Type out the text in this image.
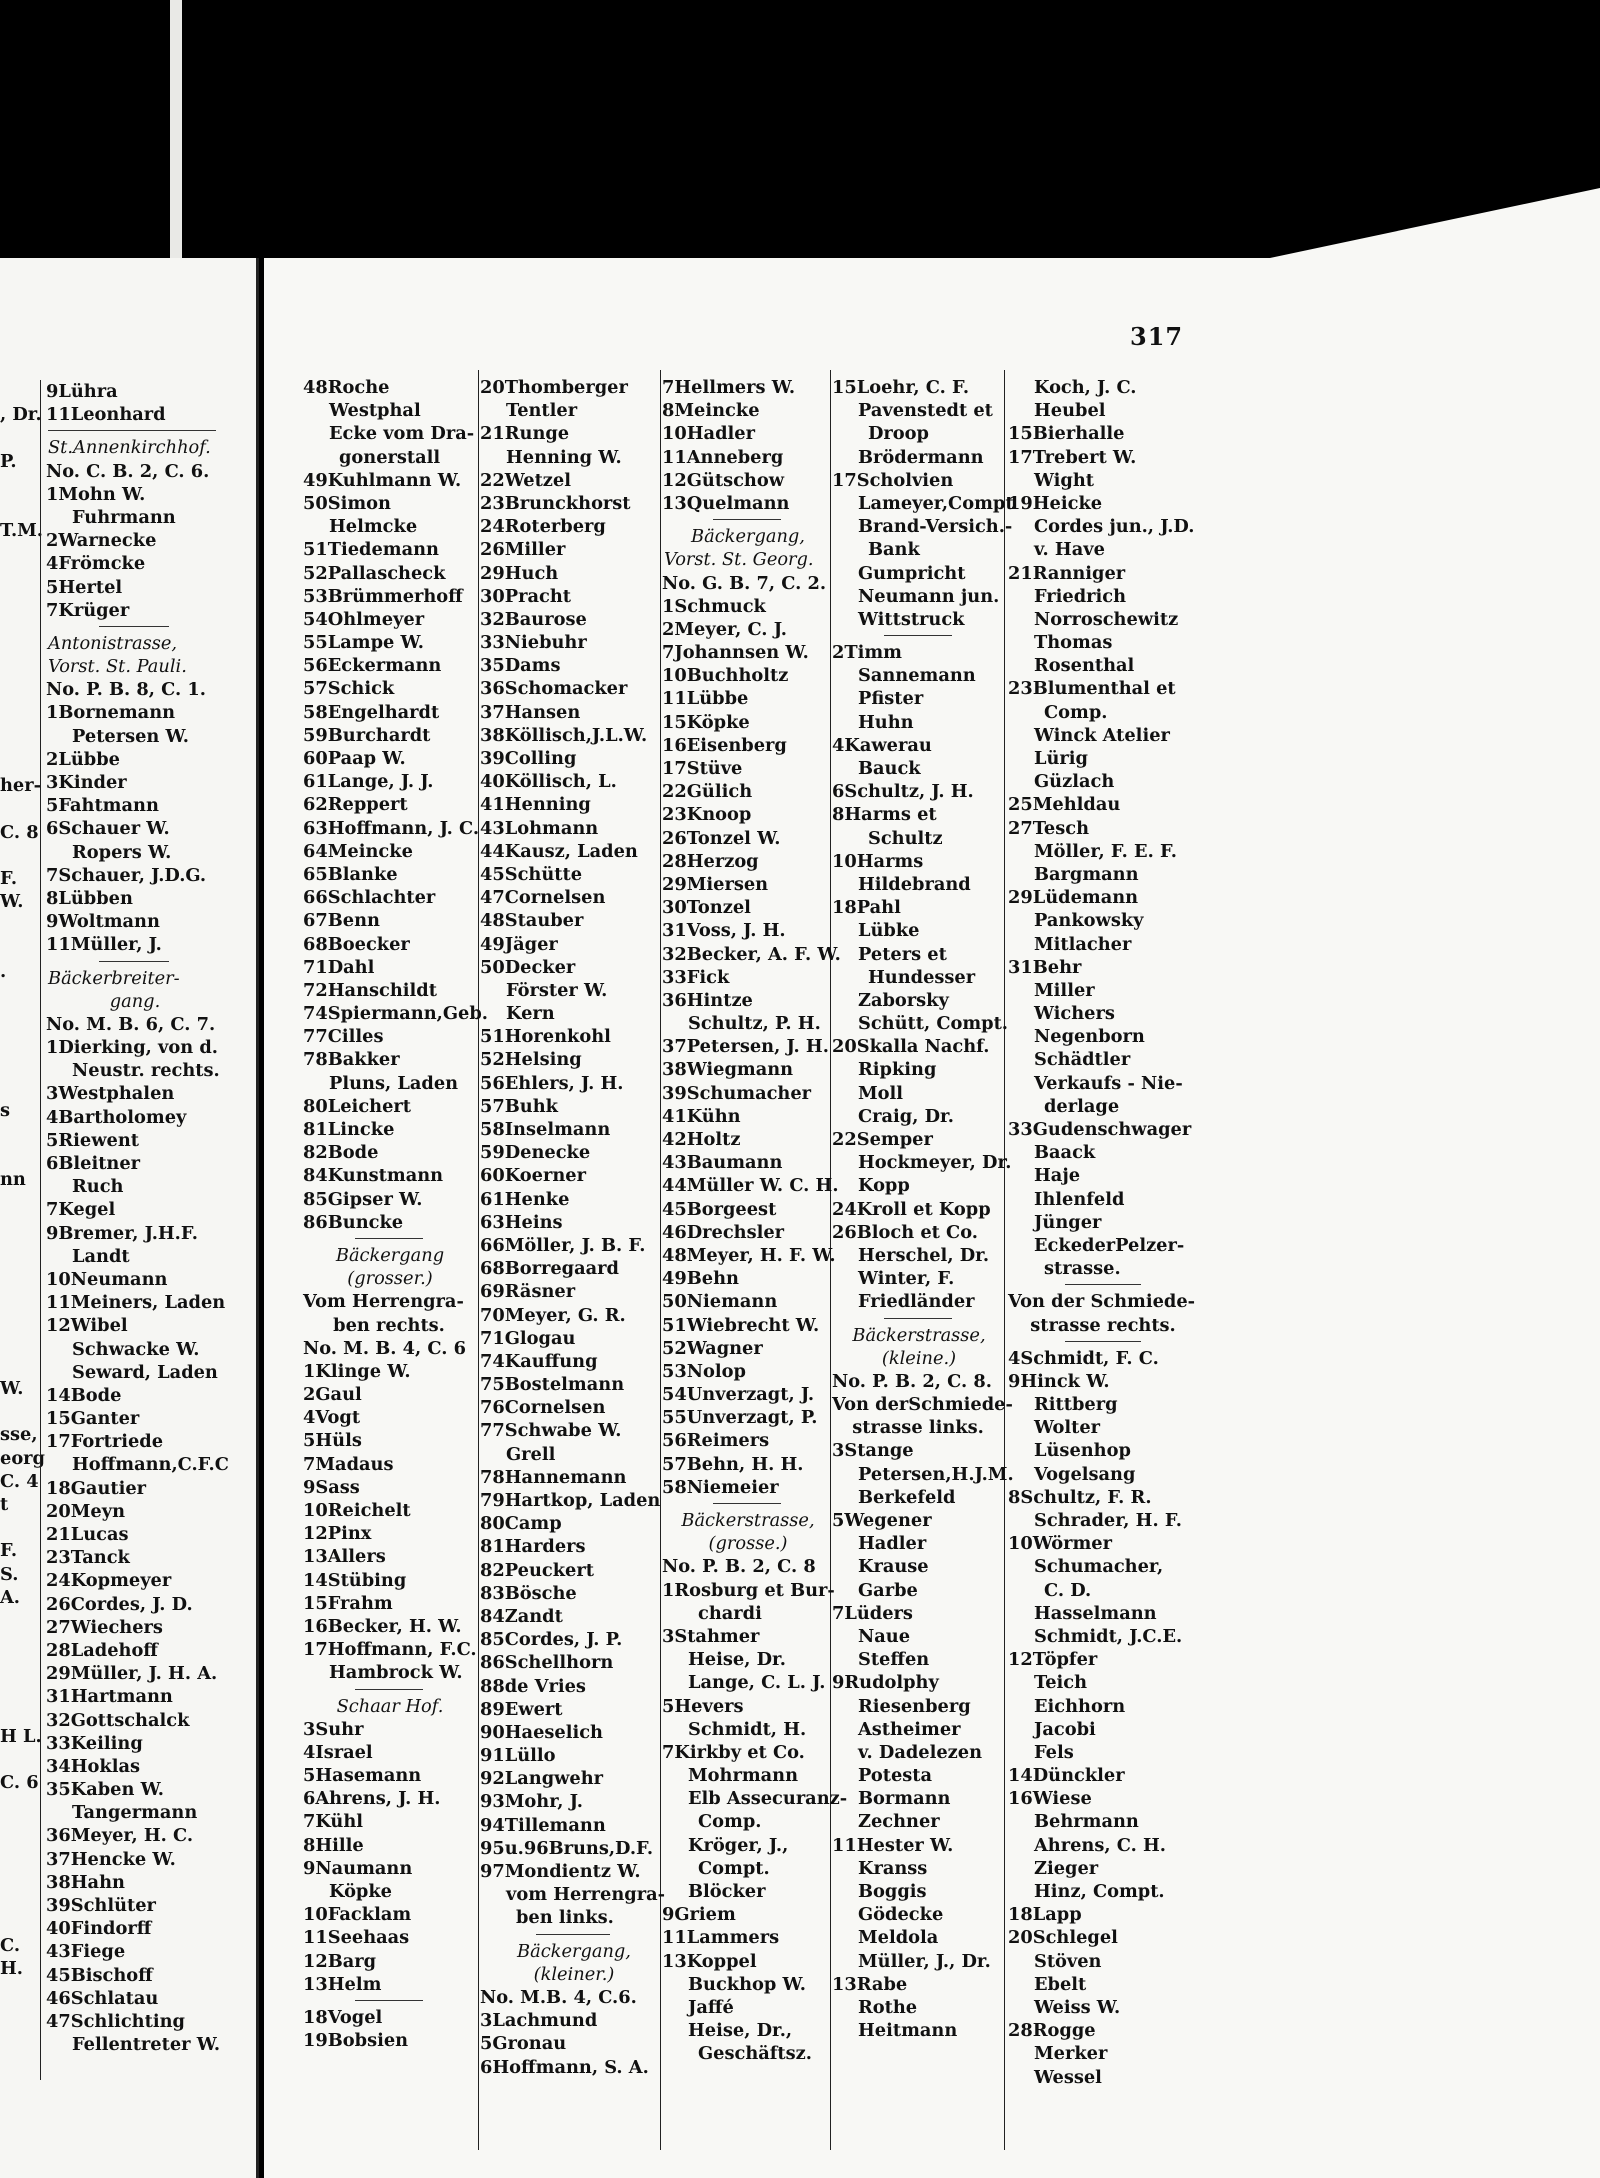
317
, Dr.
P.
T.M.
her-
C. 8
F.
W.
.
s
nn
W.
sse,
eorg
C. 4
t
F.
S.
A.
H L.
C. 6
C.
H.
9Lühra
11Leonhard
St.Annenkirchhof.
No. C. B. 2, C. 6.
1Mohn W.
Fuhrmann
2Warnecke
4Frömcke
5Hertel
7Krüger
Antonistrasse,
Vorst. St. Pauli.
No. P. B. 8, C. 1.
1Bornemann
Petersen W.
2Lübbe
3Kinder
5Fahtmann
6Schauer W.
Ropers W.
7Schauer, J.D.G.
8Lübben
9Woltmann
11Müller, J.
Bäckerbreiter-
gang.
No. M. B. 6, C. 7.
1Dierking, von d.
Neustr. rechts.
3Westphalen
4Bartholomey
5Riewent
6Bleitner
Ruch
7Kegel
9Bremer, J.H.F.
Landt
10Neumann
11Meiners, Laden
12Wibel
Schwacke W.
Seward, Laden
14Bode
15Ganter
17Fortriede
Hoffmann,C.F.C
18Gautier
20Meyn
21Lucas
23Tanck
24Kopmeyer
26Cordes, J. D.
27Wiechers
28Ladehoff
29Müller, J. H. A.
31Hartmann
32Gottschalck
33Keiling
34Hoklas
35Kaben W.
Tangermann
36Meyer, H. C.
37Hencke W.
38Hahn
39Schlüter
40Findorff
43Fiege
45Bischoff
46Schlatau
47Schlichting
Fellentreter W.
48Roche
Westphal
Ecke vom Dra-
gonerstall
49Kuhlmann W.
50Simon
Helmcke
51Tiedemann
52Pallascheck
53Brümmerhoff
54Ohlmeyer
55Lampe W.
56Eckermann
57Schick
58Engelhardt
59Burchardt
60Paap W.
61Lange, J. J.
62Reppert
63Hoffmann, J. C.
64Meincke
65Blanke
66Schlachter
67Benn
68Boecker
71Dahl
72Hanschildt
74Spiermann,Geb.
77Cilles
78Bakker
Pluns, Laden
80Leichert
81Lincke
82Bode
84Kunstmann
85Gipser W.
86Buncke
Bäckergang
(grosser.)
Vom Herrengra-
ben rechts.
No. M. B. 4, C. 6
1Klinge W.
2Gaul
4Vogt
5Hüls
7Madaus
9Sass
10Reichelt
12Pinx
13Allers
14Stübing
15Frahm
16Becker, H. W.
17Hoffmann, F.C.
Hambrock W.
Schaar Hof.
3Suhr
4Israel
5Hasemann
6Ahrens, J. H.
7Kühl
8Hille
9Naumann
Köpke
10Facklam
11Seehaas
12Barg
13Helm
18Vogel
19Bobsien
20Thomberger
Tentler
21Runge
Henning W.
22Wetzel
23Brunckhorst
24Roterberg
26Miller
29Huch
30Pracht
32Baurose
33Niebuhr
35Dams
36Schomacker
37Hansen
38Köllisch,J.L.W.
39Colling
40Köllisch, L.
41Henning
43Lohmann
44Kausz, Laden
45Schütte
47Cornelsen
48Stauber
49Jäger
50Decker
Förster W.
Kern
51Horenkohl
52Helsing
56Ehlers, J. H.
57Buhk
58Inselmann
59Denecke
60Koerner
61Henke
63Heins
66Möller, J. B. F.
68Borregaard
69Räsner
70Meyer, G. R.
71Glogau
74Kauffung
75Bostelmann
76Cornelsen
77Schwabe W.
Grell
78Hannemann
79Hartkop, Laden
80Camp
81Harders
82Peuckert
83Bösche
84Zandt
85Cordes, J. P.
86Schellhorn
88de Vries
89Ewert
90Haeselich
91Lüllo
92Langwehr
93Mohr, J.
94Tillemann
95u.96Bruns,D.F.
97Mondientz W.
vom Herrengra-
ben links.
Bäckergang,
(kleiner.)
No. M.B. 4, C.6.
3Lachmund
5Gronau
6Hoffmann, S. A.
7Hellmers W.
8Meincke
10Hadler
11Anneberg
12Gütschow
13Quelmann
Bäckergang,
Vorst. St. Georg.
No. G. B. 7, C. 2.
1Schmuck
2Meyer, C. J.
7Johannsen W.
10Buchholtz
11Lübbe
15Köpke
16Eisenberg
17Stüve
22Gülich
23Knoop
26Tonzel W.
28Herzog
29Miersen
30Tonzel
31Voss, J. H.
32Becker, A. F. W.
33Fick
36Hintze
Schultz, P. H.
37Petersen, J. H.
38Wiegmann
39Schumacher
41Kühn
42Holtz
43Baumann
44Müller W. C. H.
45Borgeest
46Drechsler
48Meyer, H. F. W.
49Behn
50Niemann
51Wiebrecht W.
52Wagner
53Nolop
54Unverzagt, J.
55Unverzagt, P.
56Reimers
57Behn, H. H.
58Niemeier
Bäckerstrasse,
(grosse.)
No. P. B. 2, C. 8
1Rosburg et Bur-
chardi
3Stahmer
Heise, Dr.
Lange, C. L. J.
5Hevers
Schmidt, H.
7Kirkby et Co.
Mohrmann
Elb Assecuranz-
Comp.
Kröger, J.,
Compt.
Blöcker
9Griem
11Lammers
13Koppel
Buckhop W.
Jaffé
Heise, Dr.,
Geschäftsz.
15Loehr, C. F.
Pavenstedt et
Droop
Brödermann
17Scholvien
Lameyer,Compt
Brand-Versich.-
Bank
Gumpricht
Neumann jun.
Wittstruck
2Timm
Sannemann
Pfister
Huhn
4Kawerau
Bauck
6Schultz, J. H.
8Harms et
Schultz
10Harms
Hildebrand
18Pahl
Lübke
Peters et
Hundesser
Zaborsky
Schütt, Compt.
20Skalla Nachf.
Ripking
Moll
Craig, Dr.
22Semper
Hockmeyer, Dr.
Kopp
24Kroll et Kopp
26Bloch et Co.
Herschel, Dr.
Winter, F.
Friedländer
Bäckerstrasse,
(kleine.)
No. P. B. 2, C. 8.
Von derSchmiede-
strasse links.
3Stange
Petersen,H.J.M.
Berkefeld
5Wegener
Hadler
Krause
Garbe
7Lüders
Naue
Steffen
9Rudolphy
Riesenberg
Astheimer
v. Dadelezen
Potesta
Bormann
Zechner
11Hester W.
Kranss
Boggis
Gödecke
Meldola
Müller, J., Dr.
13Rabe
Rothe
Heitmann
Koch, J. C.
Heubel
15Bierhalle
17Trebert W.
Wight
19Heicke
Cordes jun., J.D.
v. Have
21Ranniger
Friedrich
Norroschewitz
Thomas
Rosenthal
23Blumenthal et
Comp.
Winck Atelier
Lürig
Güzlach
25Mehldau
27Tesch
Möller, F. E. F.
Bargmann
29Lüdemann
Pankowsky
Mitlacher
31Behr
Miller
Wichers
Negenborn
Schädtler
Verkaufs - Nie-
derlage
33Gudenschwager
Baack
Haje
Ihlenfeld
Jünger
EckederPelzer-
strasse.
Von der Schmiede-
strasse rechts.
4Schmidt, F. C.
9Hinck W.
Rittberg
Wolter
Lüsenhop
Vogelsang
8Schultz, F. R.
Schrader, H. F.
10Wörmer
Schumacher,
C. D.
Hasselmann
Schmidt, J.C.E.
12Töpfer
Teich
Eichhorn
Jacobi
Fels
14Dünckler
16Wiese
Behrmann
Ahrens, C. H.
Zieger
Hinz, Compt.
18Lapp
20Schlegel
Stöven
Ebelt
Weiss W.
28Rogge
Merker
Wessel
